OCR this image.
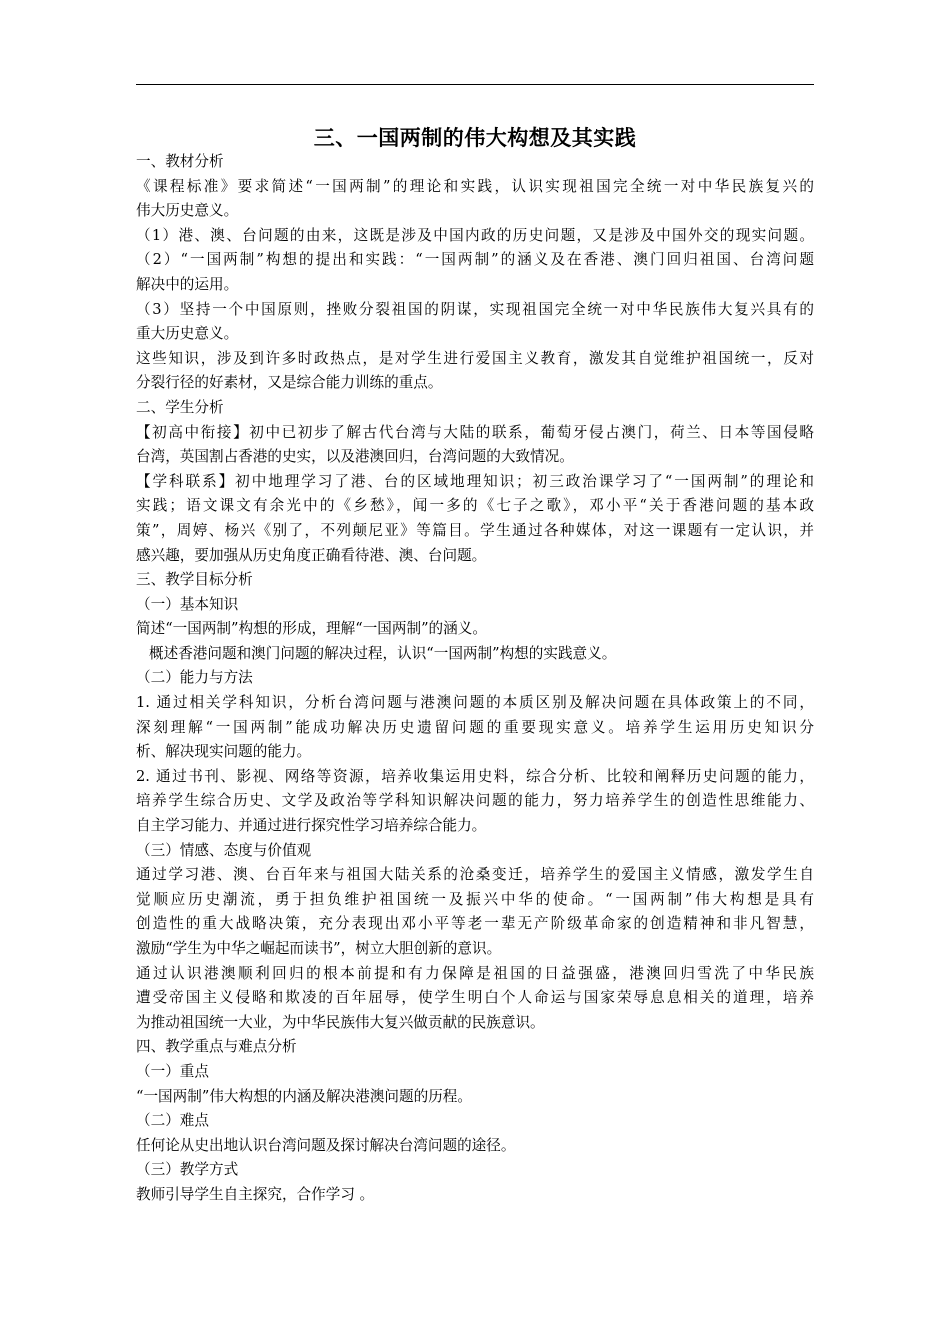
三、一国两制的伟大构想及其实践
一、教材分析
《课程标准》要求简述“一国两制”的理论和实践，认识实现祖国完全统一对中华民族复兴的
伟大历史意义。
（1）港、澳、台问题的由来，这既是涉及中国内政的历史问题，又是涉及中国外交的现实问题。
（2）“一国两制”构想的提出和实践：“一国两制”的涵义及在香港、澳门回归祖国、台湾问题
解决中的运用。
（3）坚持一个中国原则，挫败分裂祖国的阴谋，实现祖国完全统一对中华民族伟大复兴具有的
重大历史意义。
这些知识，涉及到许多时政热点，是对学生进行爱国主义教育，激发其自觉维护祖国统一，反对
分裂行径的好素材，又是综合能力训练的重点。
二、学生分析
【初高中衔接】初中已初步了解古代台湾与大陆的联系，葡萄牙侵占澳门，荷兰、日本等国侵略
台湾，英国割占香港的史实，以及港澳回归，台湾问题的大致情况。
【学科联系】初中地理学习了港、台的区域地理知识；初三政治课学习了“一国两制”的理论和
实践；语文课文有余光中的《乡愁》，闻一多的《七子之歌》，邓小平“关于香港问题的基本政
策”，周婷、杨兴《别了，不列颠尼亚》等篇目。学生通过各种媒体，对这一课题有一定认识，并
感兴趣，要加强从历史角度正确看待港、澳、台问题。
三、教学目标分析
（一）基本知识
简述“一国两制”构想的形成，理解“一国两制”的涵义。
概述香港问题和澳门问题的解决过程，认识“一国两制”构想的实践意义。
（二）能力与方法
1. 通过相关学科知识，分析台湾问题与港澳问题的本质区别及解决问题在具体政策上的不同，
深刻理解“一国两制”能成功解决历史遗留问题的重要现实意义。培养学生运用历史知识分
析、解决现实问题的能力。
2. 通过书刊、影视、网络等资源，培养收集运用史料，综合分析、比较和阐释历史问题的能力，
培养学生综合历史、文学及政治等学科知识解决问题的能力，努力培养学生的创造性思维能力、
自主学习能力、并通过进行探究性学习培养综合能力。
（三）情感、态度与价值观
通过学习港、澳、台百年来与祖国大陆关系的沧桑变迁，培养学生的爱国主义情感，激发学生自
觉顺应历史潮流，勇于担负维护祖国统一及振兴中华的使命。“一国两制”伟大构想是具有
创造性的重大战略决策，充分表现出邓小平等老一辈无产阶级革命家的创造精神和非凡智慧，
激励“学生为中华之崛起而读书”，树立大胆创新的意识。
通过认识港澳顺利回归的根本前提和有力保障是祖国的日益强盛，港澳回归雪洗了中华民族
遭受帝国主义侵略和欺凌的百年屈辱，使学生明白个人命运与国家荣辱息息相关的道理，培养
为推动祖国统一大业，为中华民族伟大复兴做贡献的民族意识。
四、教学重点与难点分析
（一）重点
“一国两制”伟大构想的内涵及解决港澳问题的历程。
（二）难点
任何论从史出地认识台湾问题及探讨解决台湾问题的途径。
（三）教学方式
教师引导学生自主探究，合作学习 。
